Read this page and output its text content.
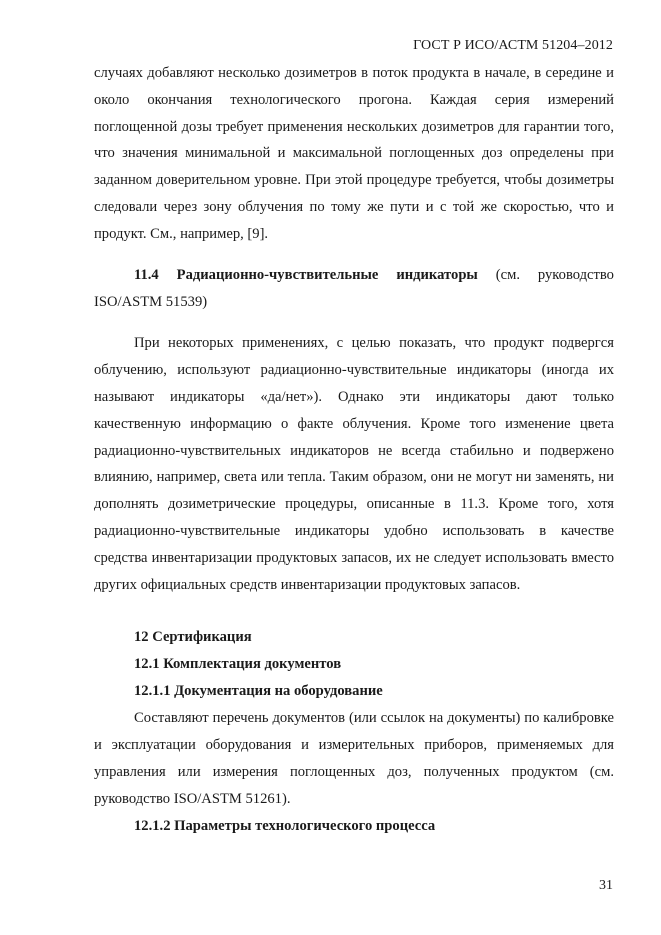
ГОСТ Р ИСО/АСТМ 51204–2012

случаях добавляют несколько дозиметров в поток продукта в начале, в середине и около окончания технологического прогона. Каждая серия измерений поглощенной дозы требует применения нескольких дозиметров для гарантии того, что значения минимальной и максимальной поглощенных доз определены при заданном доверительном уровне. При этой процедуре требуется, чтобы дозиметры следовали через зону облучения по тому же пути и с той же скоростью, что и продукт. См., например, [9].

11.4 Радиационно-чувствительные индикаторы (см. руководство ISO/ASTM 51539)

При некоторых применениях, с целью показать, что продукт подвергся облучению, используют радиационно-чувствительные индикаторы (иногда их называют индикаторы «да/нет»). Однако эти индикаторы дают только качественную информацию о факте облучения. Кроме того изменение цвета радиационно-чувствительных индикаторов не всегда стабильно и подвержено влиянию, например, света или тепла. Таким образом, они не могут ни заменять, ни дополнять дозиметрические процедуры, описанные в 11.3. Кроме того, хотя радиационно-чувствительные индикаторы удобно использовать в качестве средства инвентаризации продуктовых запасов, их не следует использовать вместо других официальных средств инвентаризации продуктовых запасов.

12 Сертификация

12.1 Комплектация документов

12.1.1 Документация на оборудование

Составляют перечень документов (или ссылок на документы) по калибровке и эксплуатации оборудования и измерительных приборов, применяемых для управления или измерения поглощенных доз, полученных продуктом (см. руководство ISO/ASTM 51261).

12.1.2 Параметры технологического процесса

31
